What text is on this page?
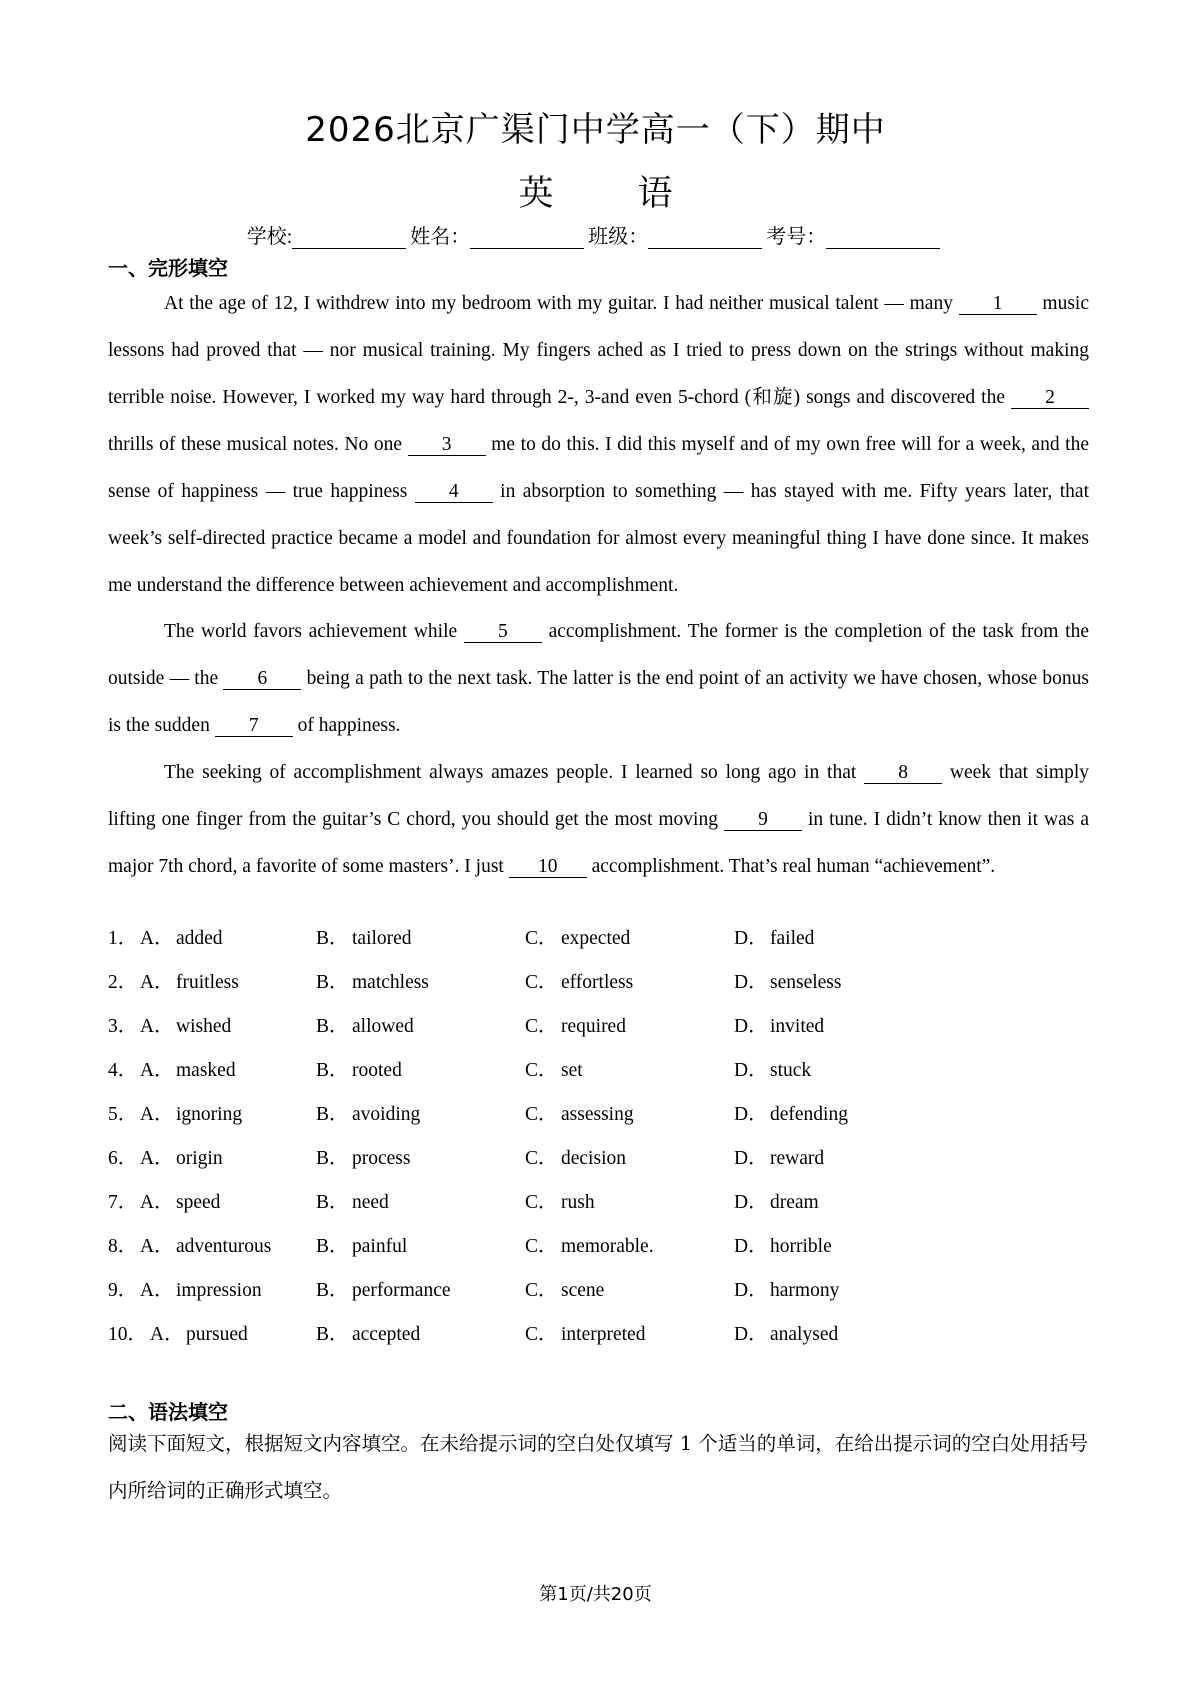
2026北京广渠门中学高一（下）期中
英 语
学校:	姓名：	班级：	考号：
一、完形填空
At the age of 12, I withdrew into my bedroom with my guitar. I had neither musical talent — many 1 music lessons had proved that — nor musical training. My fingers ached as I tried to press down on the strings without making terrible noise. However, I worked my way hard through 2-, 3-and even 5-chord (和旋) songs and discovered the 2 thrills of these musical notes. No one 3 me to do this. I did this myself and of my own free will for a week, and the sense of happiness — true happiness 4 in absorption to something — has stayed with me. Fifty years later, that week’s self-directed practice became a model and foundation for almost every meaningful thing I have done since. It makes me understand the difference between achievement and accomplishment.
The world favors achievement while 5 accomplishment. The former is the completion of the task from the outside — the 6 being a path to the next task. The latter is the end point of an activity we have chosen, whose bonus is the sudden 7 of happiness.
The seeking of accomplishment always amazes people. I learned so long ago in that 8 week that simply lifting one finger from the guitar’s C chord, you should get the most moving 9 in tune. I didn’t know then it was a major 7th chord, a favorite of some masters’. I just 10 accomplishment. That’s real human “achievement”.
1． A． added	B． tailored	C． expected	D． failed
2． A． fruitless	B． matchless	C． effortless	D． senseless
3． A． wished	B． allowed	C． required	D． invited
4． A． masked	B． rooted	C． set	D． stuck
5． A． ignoring	B． avoiding	C． assessing	D． defending
6． A． origin	B． process	C． decision	D． reward
7． A． speed	B． need	C． rush	D． dream
8． A． adventurous B． painful	C． memorable.	D． horrible
9． A． impression	B． performance	C． scene	D． harmony
10． A． pursued	B． accepted	C． interpreted	D． analysed
二、语法填空
阅读下面短文，根据短文内容填空。在未给提示词的空白处仅填写 1 个适当的单词，在给出提示词的空白处用括号内所给词的正确形式填空。
第1页/共20页
